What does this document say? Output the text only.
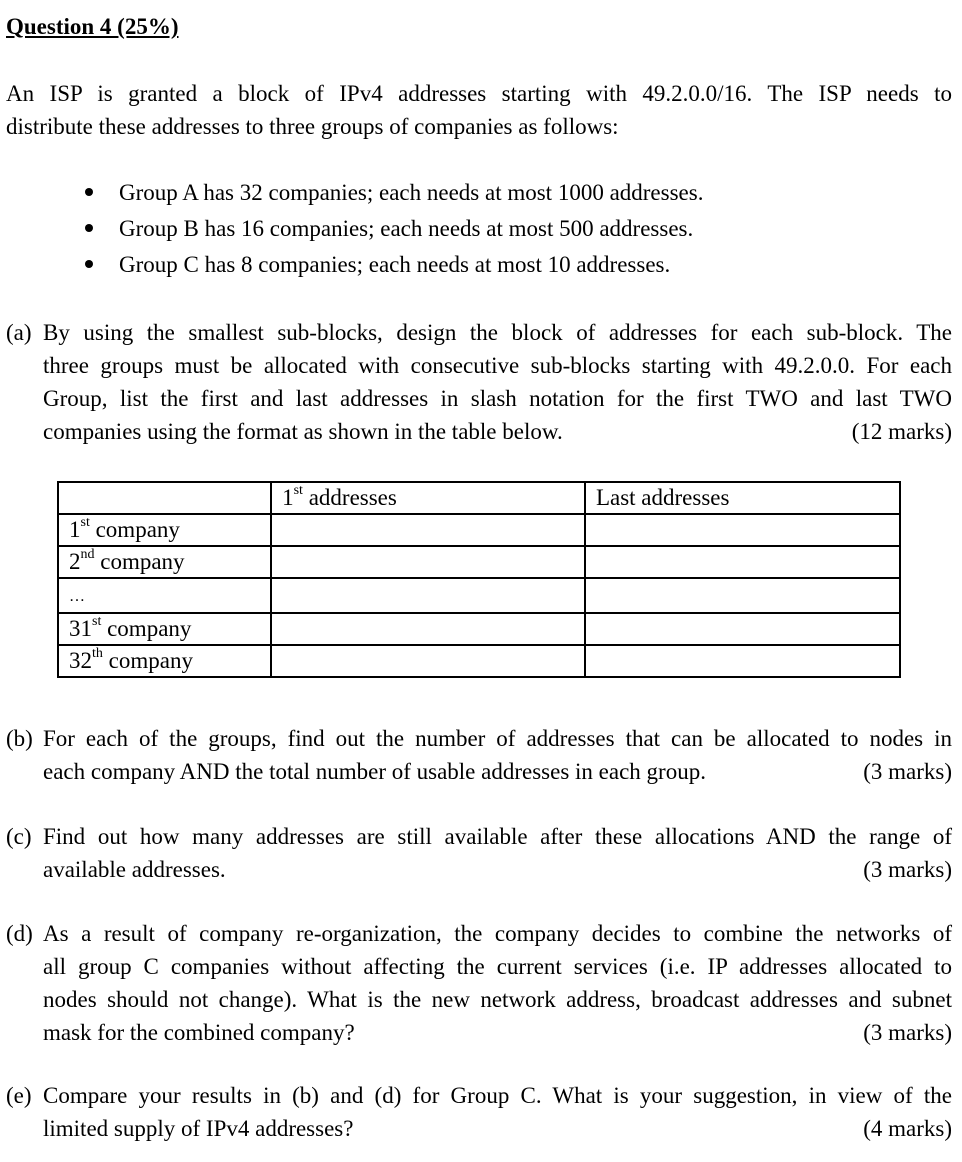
Question 4 (25%)
An ISP is granted a block of IPv4 addresses starting with 49.2.0.0/16. The ISP needs to
distribute these addresses to three groups of companies as follows:
Group A has 32 companies; each needs at most 1000 addresses.
Group B has 16 companies; each needs at most 500 addresses.
Group C has 8 companies; each needs at most 10 addresses.
(a) By using the smallest sub-blocks, design the block of addresses for each sub-block. The
three groups must be allocated with consecutive sub-blocks starting with 49.2.0.0. For each
Group, list the first and last addresses in slash notation for the first TWO and last TWO
companies using the format as shown in the table below.	(12 marks)
	1st addresses	Last addresses
1st company		
2nd company		
…		
31st company		
32th company		
(b) For each of the groups, find out the number of addresses that can be allocated to nodes in
each company AND the total number of usable addresses in each group.	(3 marks)
(c) Find out how many addresses are still available after these allocations AND the range of
available addresses.	(3 marks)
(d) As a result of company re-organization, the company decides to combine the networks of
all group C companies without affecting the current services (i.e. IP addresses allocated to
nodes should not change). What is the new network address, broadcast addresses and subnet
mask for the combined company?	(3 marks)
(e) Compare your results in (b) and (d) for Group C. What is your suggestion, in view of the
limited supply of IPv4 addresses?	(4 marks)
